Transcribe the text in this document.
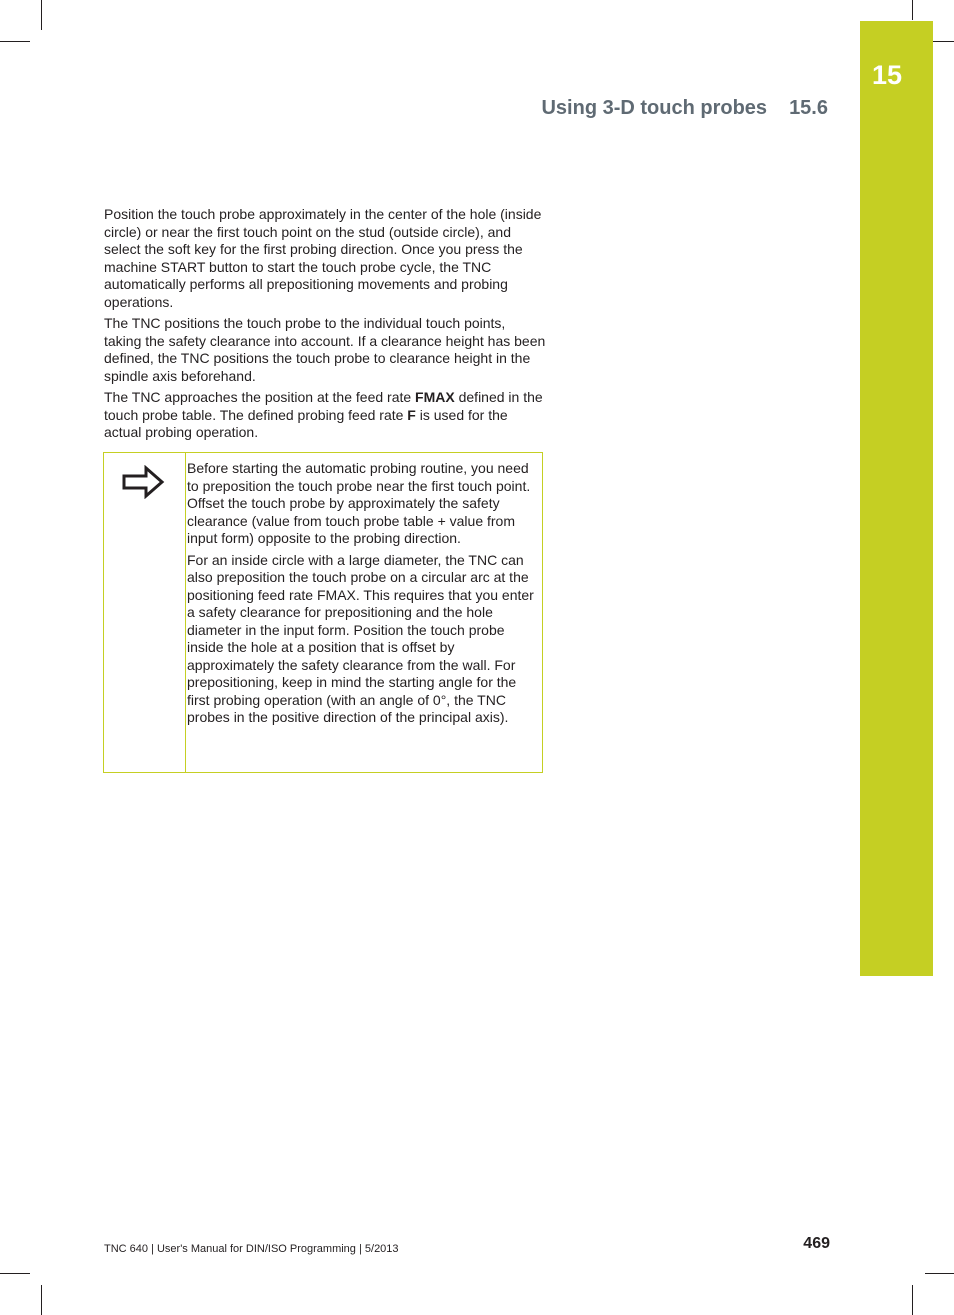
15
Using 3-D touch probes 15.6

Position the touch probe approximately in the center of the hole (inside circle) or near the first touch point on the stud (outside circle), and select the soft key for the first probing direction. Once you press the machine START button to start the touch probe cycle, the TNC automatically performs all prepositioning movements and probing operations.

The TNC positions the touch probe to the individual touch points, taking the safety clearance into account. If a clearance height has been defined, the TNC positions the touch probe to clearance height in the spindle axis beforehand.

The TNC approaches the position at the feed rate FMAX defined in the touch probe table. The defined probing feed rate F is used for the actual probing operation.

Before starting the automatic probing routine, you need to preposition the touch probe near the first touch point. Offset the touch probe by approximately the safety clearance (value from touch probe table + value from input form) opposite to the probing direction.

For an inside circle with a large diameter, the TNC can also preposition the touch probe on a circular arc at the positioning feed rate FMAX. This requires that you enter a safety clearance for prepositioning and the hole diameter in the input form. Position the touch probe inside the hole at a position that is offset by approximately the safety clearance from the wall. For prepositioning, keep in mind the starting angle for the first probing operation (with an angle of 0°, the TNC probes in the positive direction of the principal axis).

TNC 640 | User's Manual for DIN/ISO Programming | 5/2013	469
